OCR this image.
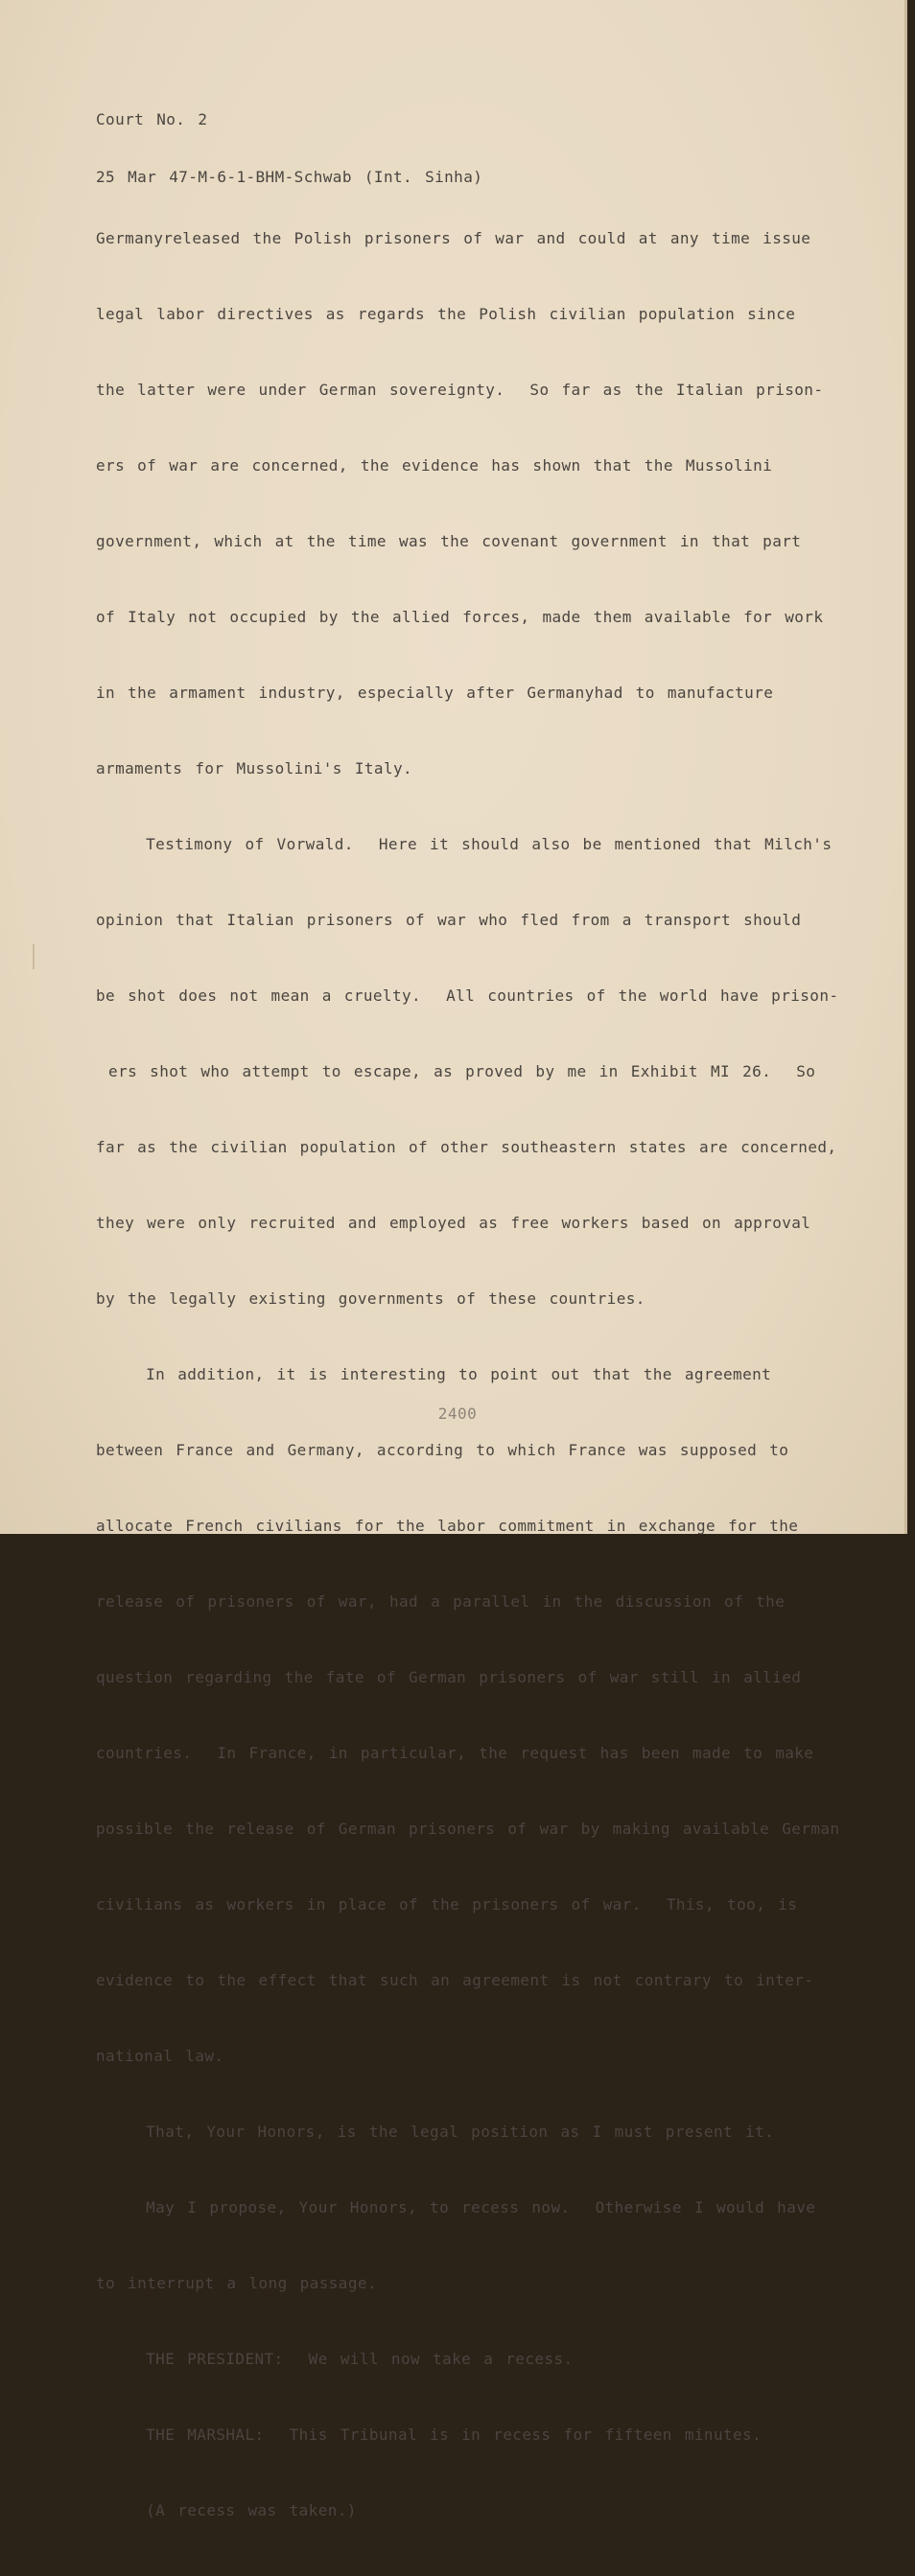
Court No. 2

25 Mar 47-M-6-1-BHM-Schwab (Int. Sinha)

Germanyreleased the Polish prisoners of war and could at any time issue

legal labor directives as regards the Polish civilian population since

the latter were under German sovereignty.  So far as the Italian prison-

ers of war are concerned, the evidence has shown that the Mussolini

government, which at the time was the covenant government in that part

of Italy not occupied by the allied forces, made them available for work

in the armament industry, especially after Germanyhad to manufacture

armaments for Mussolini's Italy.

Testimony of Vorwald.  Here it should also be mentioned that Milch's

opinion that Italian prisoners of war who fled from a transport should

be shot does not mean a cruelty.  All countries of the world have prison-

ers shot who attempt to escape, as proved by me in Exhibit MI 26.  So

far as the civilian population of other southeastern states are concerned,

they were only recruited and employed as free workers based on approval

by the legally existing governments of these countries.

In addition, it is interesting to point out that the agreement

between France and Germany, according to which France was supposed to

allocate French civilians for the labor commitment in exchange for the

release of prisoners of war, had a parallel in the discussion of the

question regarding the fate of German prisoners of war still in allied

countries.  In France, in particular, the request has been made to make

possible the release of German prisoners of war by making available German

civilians as workers in place of the prisoners of war.  This, too, is

evidence to the effect that such an agreement is not contrary to inter-

national law.

That, Your Honors, is the legal position as I must present it.

May I propose, Your Honors, to recess now.  Otherwise I would have

to interrupt a long passage.

THE PRESIDENT:  We will now take a recess.

THE MARSHAL:  This Tribunal is in recess for fifteen minutes.

(A recess was taken.)

2400
